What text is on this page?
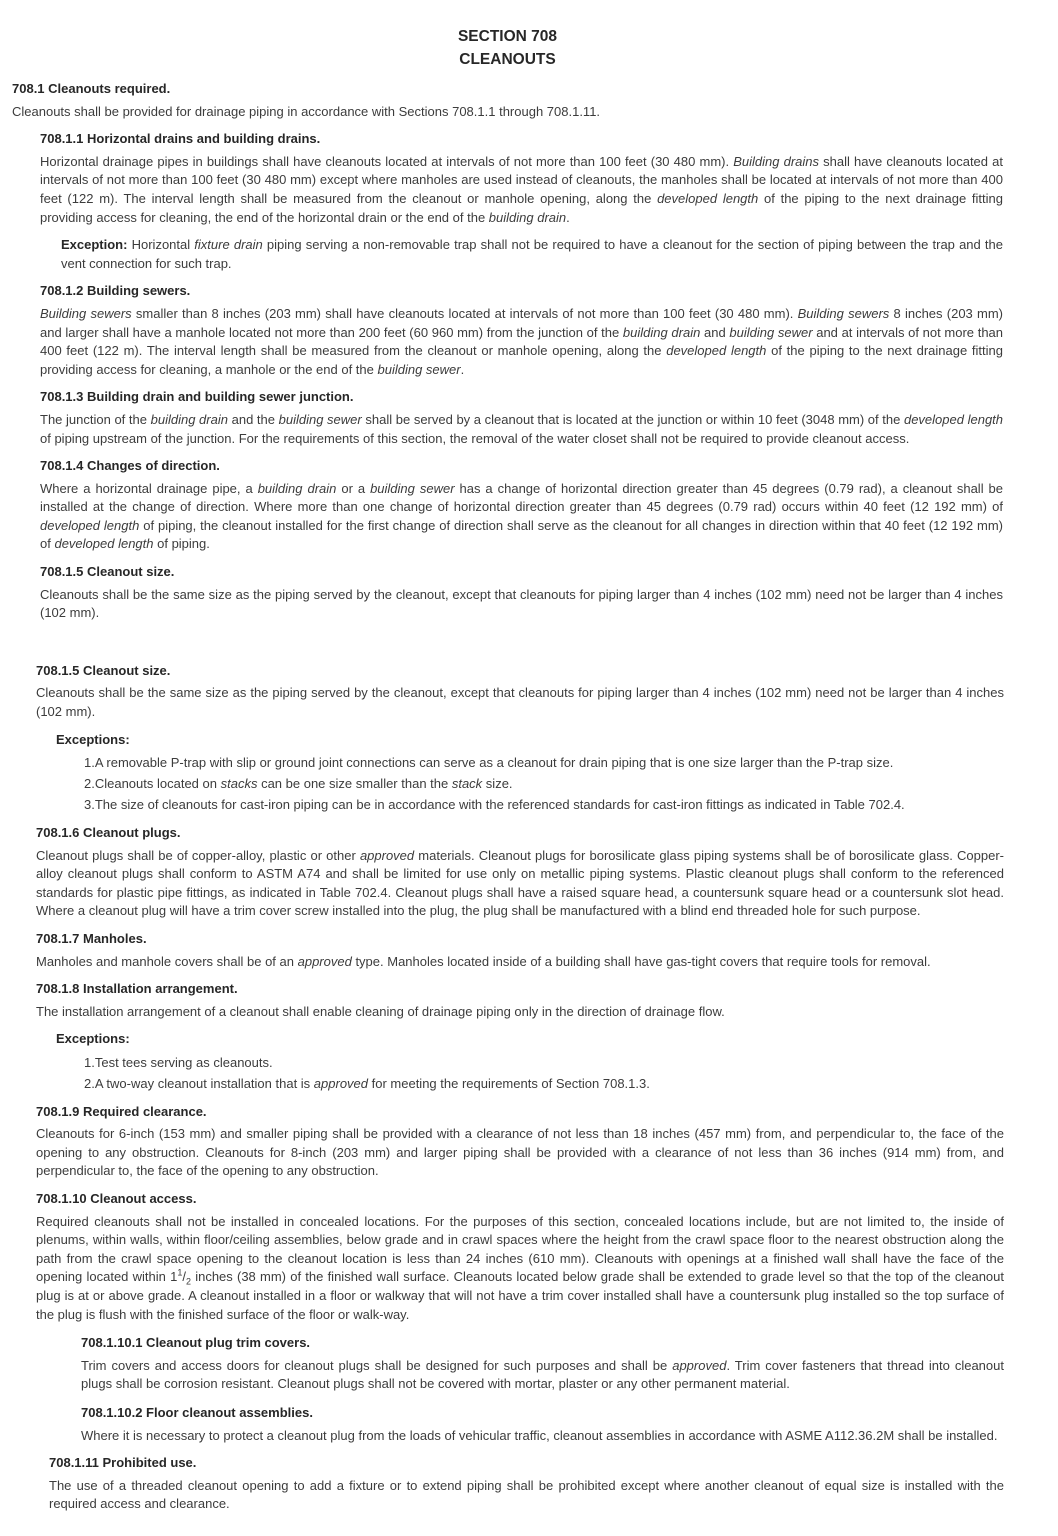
SECTION 708
CLEANOUTS
708.1 Cleanouts required.
Cleanouts shall be provided for drainage piping in accordance with Sections 708.1.1 through 708.1.11.
708.1.1 Horizontal drains and building drains.
Horizontal drainage pipes in buildings shall have cleanouts located at intervals of not more than 100 feet (30 480 mm). Building drains shall have cleanouts located at intervals of not more than 100 feet (30 480 mm) except where manholes are used instead of cleanouts, the manholes shall be located at intervals of not more than 400 feet (122 m). The interval length shall be measured from the cleanout or manhole opening, along the developed length of the piping to the next drainage fitting providing access for cleaning, the end of the horizontal drain or the end of the building drain.
Exception: Horizontal fixture drain piping serving a non-removable trap shall not be required to have a cleanout for the section of piping between the trap and the vent connection for such trap.
708.1.2 Building sewers.
Building sewers smaller than 8 inches (203 mm) shall have cleanouts located at intervals of not more than 100 feet (30 480 mm). Building sewers 8 inches (203 mm) and larger shall have a manhole located not more than 200 feet (60 960 mm) from the junction of the building drain and building sewer and at intervals of not more than 400 feet (122 m). The interval length shall be measured from the cleanout or manhole opening, along the developed length of the piping to the next drainage fitting providing access for cleaning, a manhole or the end of the building sewer.
708.1.3 Building drain and building sewer junction.
The junction of the building drain and the building sewer shall be served by a cleanout that is located at the junction or within 10 feet (3048 mm) of the developed length of piping upstream of the junction. For the requirements of this section, the removal of the water closet shall not be required to provide cleanout access.
708.1.4 Changes of direction.
Where a horizontal drainage pipe, a building drain or a building sewer has a change of horizontal direction greater than 45 degrees (0.79 rad), a cleanout shall be installed at the change of direction. Where more than one change of horizontal direction greater than 45 degrees (0.79 rad) occurs within 40 feet (12 192 mm) of developed length of piping, the cleanout installed for the first change of direction shall serve as the cleanout for all changes in direction within that 40 feet (12 192 mm) of developed length of piping.
708.1.5 Cleanout size.
Cleanouts shall be the same size as the piping served by the cleanout, except that cleanouts for piping larger than 4 inches (102 mm) need not be larger than 4 inches (102 mm).
708.1.5 Cleanout size.
Cleanouts shall be the same size as the piping served by the cleanout, except that cleanouts for piping larger than 4 inches (102 mm) need not be larger than 4 inches (102 mm).
Exceptions:
1.A removable P-trap with slip or ground joint connections can serve as a cleanout for drain piping that is one size larger than the P-trap size.
2.Cleanouts located on stacks can be one size smaller than the stack size.
3.The size of cleanouts for cast-iron piping can be in accordance with the referenced standards for cast-iron fittings as indicated in Table 702.4.
708.1.6 Cleanout plugs.
Cleanout plugs shall be of copper-alloy, plastic or other approved materials. Cleanout plugs for borosilicate glass piping systems shall be of borosilicate glass. Copper-alloy cleanout plugs shall conform to ASTM A74 and shall be limited for use only on metallic piping systems. Plastic cleanout plugs shall conform to the referenced standards for plastic pipe fittings, as indicated in Table 702.4. Cleanout plugs shall have a raised square head, a countersunk square head or a countersunk slot head. Where a cleanout plug will have a trim cover screw installed into the plug, the plug shall be manufactured with a blind end threaded hole for such purpose.
708.1.7 Manholes.
Manholes and manhole covers shall be of an approved type. Manholes located inside of a building shall have gas-tight covers that require tools for removal.
708.1.8 Installation arrangement.
The installation arrangement of a cleanout shall enable cleaning of drainage piping only in the direction of drainage flow.
Exceptions:
1.Test tees serving as cleanouts.
2.A two-way cleanout installation that is approved for meeting the requirements of Section 708.1.3.
708.1.9 Required clearance.
Cleanouts for 6-inch (153 mm) and smaller piping shall be provided with a clearance of not less than 18 inches (457 mm) from, and perpendicular to, the face of the opening to any obstruction. Cleanouts for 8-inch (203 mm) and larger piping shall be provided with a clearance of not less than 36 inches (914 mm) from, and perpendicular to, the face of the opening to any obstruction.
708.1.10 Cleanout access.
Required cleanouts shall not be installed in concealed locations. For the purposes of this section, concealed locations include, but are not limited to, the inside of plenums, within walls, within floor/ceiling assemblies, below grade and in crawl spaces where the height from the crawl space floor to the nearest obstruction along the path from the crawl space opening to the cleanout location is less than 24 inches (610 mm). Cleanouts with openings at a finished wall shall have the face of the opening located within $1^1/_2$ inches (38 mm) of the finished wall surface. Cleanouts located below grade shall be extended to grade level so that the top of the cleanout plug is at or above grade. A cleanout installed in a floor or walkway that will not have a trim cover installed shall have a countersunk plug installed so the top surface of the plug is flush with the finished surface of the floor or walk-way.
708.1.10.1 Cleanout plug trim covers.
Trim covers and access doors for cleanout plugs shall be designed for such purposes and shall be approved. Trim cover fasteners that thread into cleanout plugs shall be corrosion resistant. Cleanout plugs shall not be covered with mortar, plaster or any other permanent material.
708.1.10.2 Floor cleanout assemblies.
Where it is necessary to protect a cleanout plug from the loads of vehicular traffic, cleanout assemblies in accordance with ASME A112.36.2M shall be installed.
708.1.11 Prohibited use.
The use of a threaded cleanout opening to add a fixture or to extend piping shall be prohibited except where another cleanout of equal size is installed with the required access and clearance.
